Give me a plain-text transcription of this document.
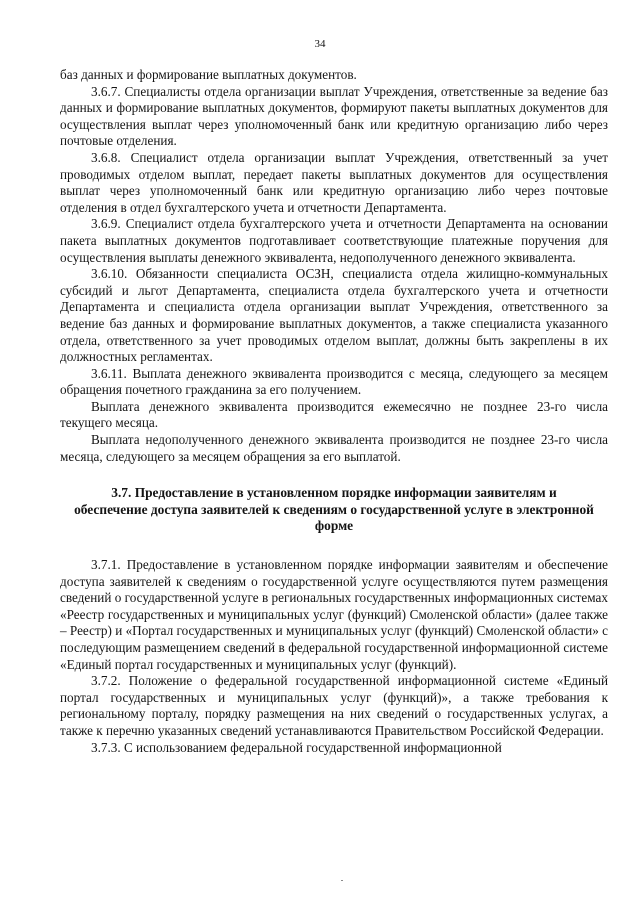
34

баз данных и формирование выплатных документов.

3.6.7. Специалисты отдела организации выплат Учреждения, ответственные за ведение баз данных и формирование выплатных документов, формируют пакеты выплатных документов для осуществления выплат через уполномоченный банк или кредитную организацию либо через почтовые отделения.

3.6.8. Специалист отдела организации выплат Учреждения, ответственный за учет проводимых отделом выплат, передает пакеты выплатных документов для осуществления выплат через уполномоченный банк или кредитную организацию либо через почтовые отделения в отдел бухгалтерского учета и отчетности Департамента.

3.6.9. Специалист отдела бухгалтерского учета и отчетности Департамента на основании пакета выплатных документов подготавливает соответствующие платежные поручения для осуществления выплаты денежного эквивалента, недополученного денежного эквивалента.

3.6.10. Обязанности специалиста ОСЗН, специалиста отдела жилищно-коммунальных субсидий и льгот Департамента, специалиста отдела бухгалтерского учета и отчетности Департамента и специалиста отдела организации выплат Учреждения, ответственного за ведение баз данных и формирование выплатных документов, а также специалиста указанного отдела, ответственного за учет проводимых отделом выплат, должны быть закреплены в их должностных регламентах.

3.6.11. Выплата денежного эквивалента производится с месяца, следующего за месяцем обращения почетного гражданина за его получением.

Выплата денежного эквивалента производится ежемесячно не позднее 23-го числа текущего месяца.

Выплата недополученного денежного эквивалента производится не позднее 23-го числа месяца, следующего за месяцем обращения за его выплатой.

3.7. Предоставление в установленном порядке информации заявителям и обеспечение доступа заявителей к сведениям о государственной услуге в электронной форме

3.7.1. Предоставление в установленном порядке информации заявителям и обеспечение доступа заявителей к сведениям о государственной услуге осуществляются путем размещения сведений о государственной услуге в региональных государственных информационных системах «Реестр государственных и муниципальных услуг (функций) Смоленской области» (далее также – Реестр) и «Портал государственных и муниципальных услуг (функций) Смоленской области» с последующим размещением сведений в федеральной государственной информационной системе «Единый портал государственных и муниципальных услуг (функций).

3.7.2. Положение о федеральной государственной информационной системе «Единый портал государственных и муниципальных услуг (функций)», а также требования к региональному порталу, порядку размещения на них сведений о государственных услугах, а также к перечню указанных сведений устанавливаются Правительством Российской Федерации.

3.7.3. С использованием федеральной государственной информационной
